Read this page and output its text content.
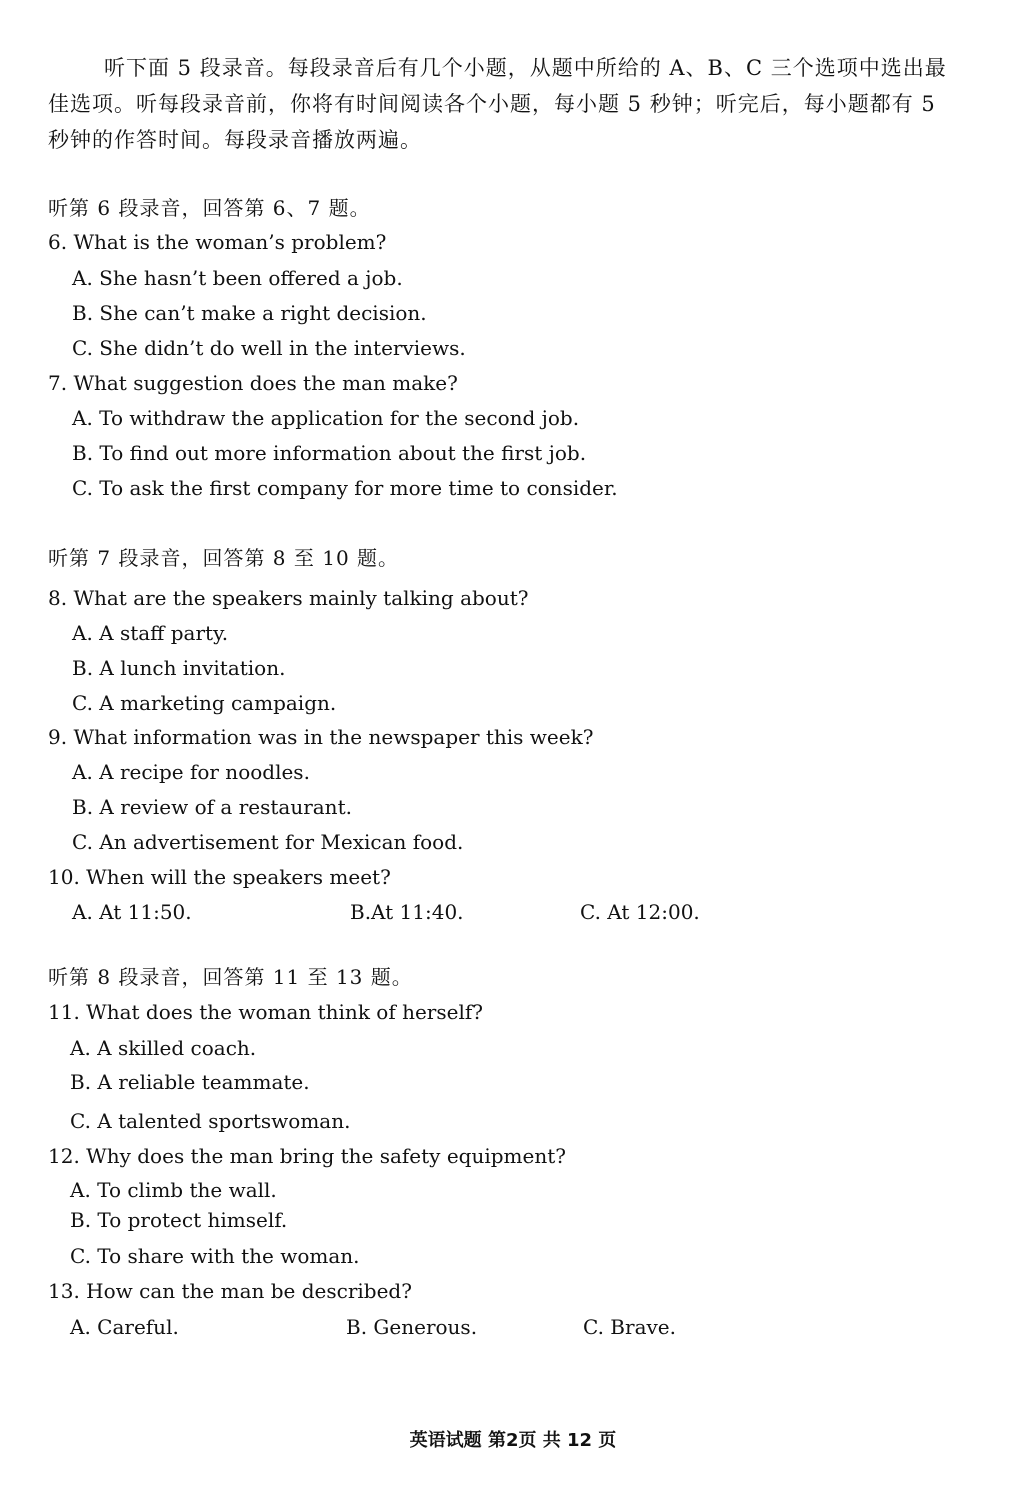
听下面 5 段录音。每段录音后有几个小题，从题中所给的 A、B、C 三个选项中选出最佳选项。听每段录音前，你将有时间阅读各个小题，每小题 5 秒钟；听完后，每小题都有 5 秒钟的作答时间。每段录音播放两遍。
听第 6 段录音，回答第 6、7 题。
6. What is the woman’s problem?
A. She hasn’t been offered a job.
B. She can’t make a right decision.
C. She didn’t do well in the interviews.
7. What suggestion does the man make?
A. To withdraw the application for the second job.
B. To find out more information about the first job.
C. To ask the first company for more time to consider.
听第 7 段录音，回答第 8 至 10 题。
8. What are the speakers mainly talking about?
A. A staff party.
B. A lunch invitation.
C. A marketing campaign.
9. What information was in the newspaper this week?
A. A recipe for noodles.
B. A review of a restaurant.
C. An advertisement for Mexican food.
10. When will the speakers meet?
A. At 11:50.	B.At 11:40.	C. At 12:00.
听第 8 段录音，回答第 11 至 13 题。
11. What does the woman think of herself?
A. A skilled coach.
B. A reliable teammate.
C. A talented sportswoman.
12. Why does the man bring the safety equipment?
A. To climb the wall.
B. To protect himself.
C. To share with the woman.
13. How can the man be described?
A. Careful.	B. Generous.	C. Brave.
英语试题 第2页 共 12 页
